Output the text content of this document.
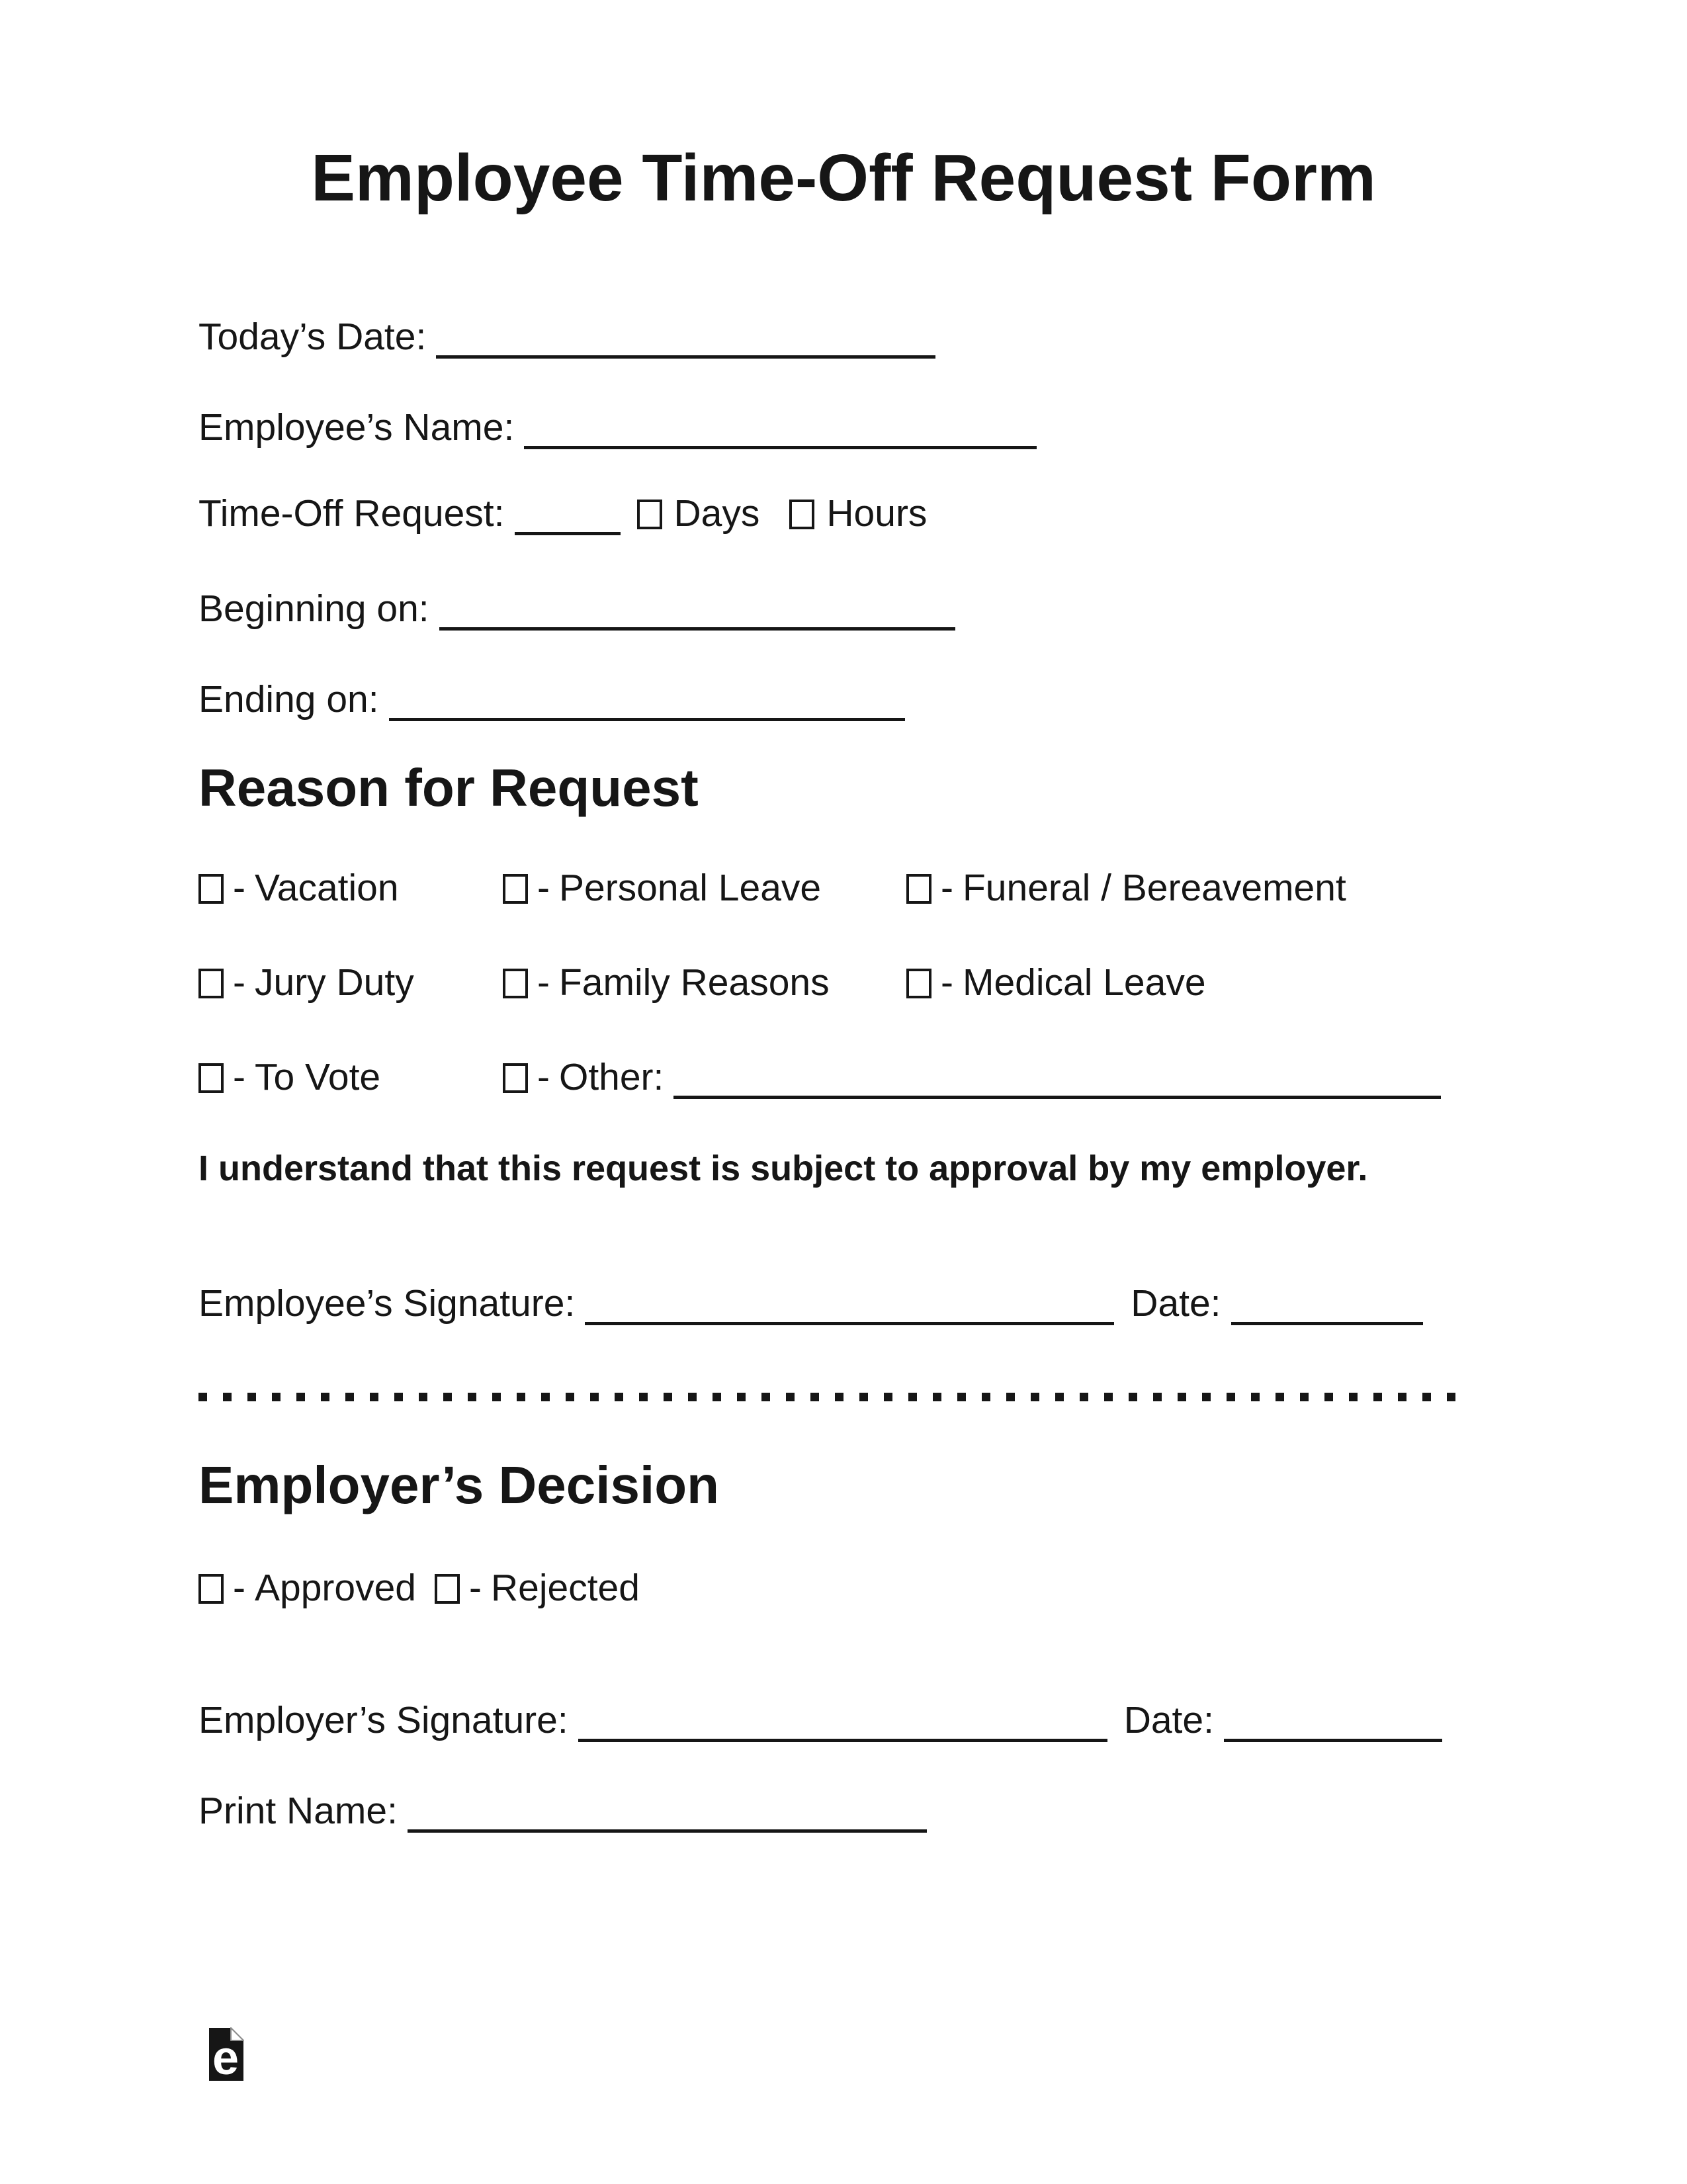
Employee Time-Off Request Form
Today’s Date:
Employee’s Name:
Time-Off Request:	Days Hours
Beginning on:
Ending on:
Reason for Request
- Vacation	- Personal Leave	- Funeral / Bereavement
- Jury Duty	- Family Reasons	- Medical Leave
- To Vote	- Other:
I understand that this request is subject to approval by my employer.
Employee’s Signature:	Date:
Employer’s Decision
- Approved - Rejected
Employer’s Signature:	Date:
Print Name:
e
